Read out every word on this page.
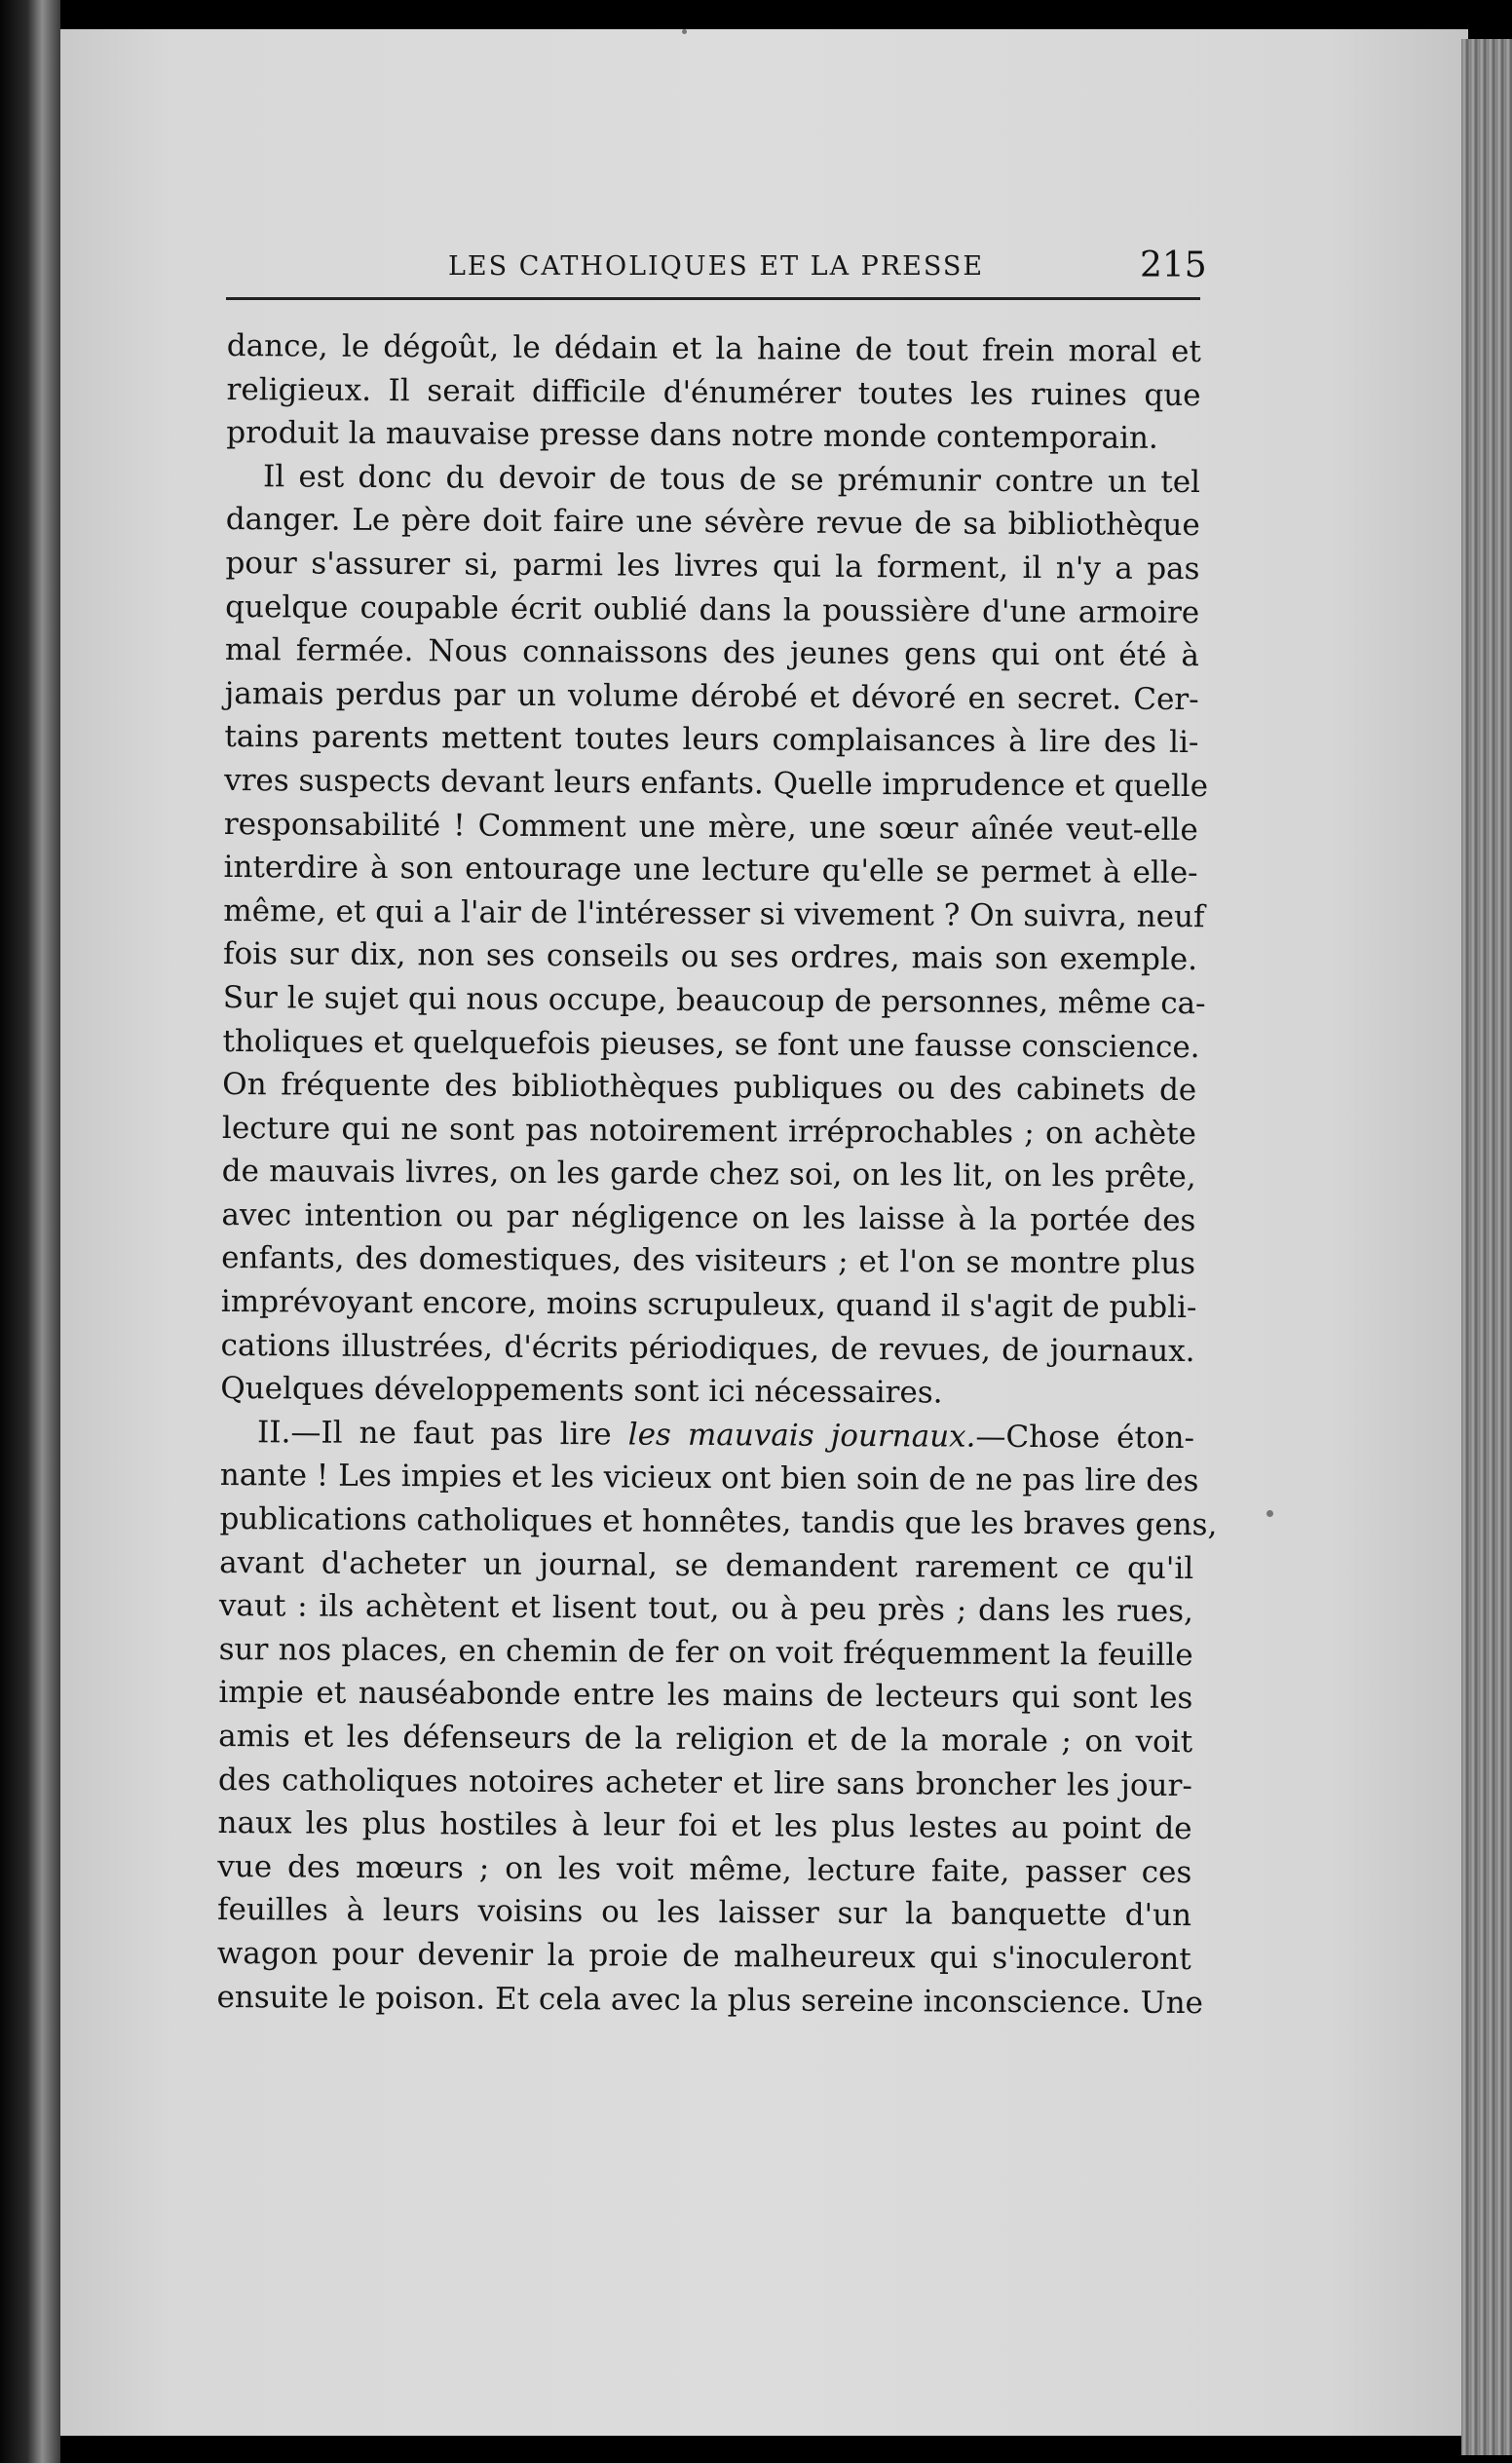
LES CATHOLIQUES ET LA PRESSE	215
dance, le dégoût, le dédain et la haine de tout frein moral et
religieux. Il serait difficile d'énumérer toutes les ruines que
produit la mauvaise presse dans notre monde contemporain.
Il est donc du devoir de tous de se prémunir contre un tel
danger. Le père doit faire une sévère revue de sa bibliothèque
pour s'assurer si, parmi les livres qui la forment, il n'y a pas
quelque coupable écrit oublié dans la poussière d'une armoire
mal fermée. Nous connaissons des jeunes gens qui ont été à
jamais perdus par un volume dérobé et dévoré en secret. Cer-
tains parents mettent toutes leurs complaisances à lire des li-
vres suspects devant leurs enfants. Quelle imprudence et quelle
responsabilité ! Comment une mère, une sœur aînée veut-elle
interdire à son entourage une lecture qu'elle se permet à elle-
même, et qui a l'air de l'intéresser si vivement ? On suivra, neuf
fois sur dix, non ses conseils ou ses ordres, mais son exemple.
Sur le sujet qui nous occupe, beaucoup de personnes, même ca-
tholiques et quelquefois pieuses, se font une fausse conscience.
On fréquente des bibliothèques publiques ou des cabinets de
lecture qui ne sont pas notoirement irréprochables ; on achète
de mauvais livres, on les garde chez soi, on les lit, on les prête,
avec intention ou par négligence on les laisse à la portée des
enfants, des domestiques, des visiteurs ; et l'on se montre plus
imprévoyant encore, moins scrupuleux, quand il s'agit de publi-
cations illustrées, d'écrits périodiques, de revues, de journaux.
Quelques développements sont ici nécessaires.
II.—Il ne faut pas lire les mauvais journaux.—Chose éton-
nante ! Les impies et les vicieux ont bien soin de ne pas lire des
publications catholiques et honnêtes, tandis que les braves gens,
avant d'acheter un journal, se demandent rarement ce qu'il
vaut : ils achètent et lisent tout, ou à peu près ; dans les rues,
sur nos places, en chemin de fer on voit fréquemment la feuille
impie et nauséabonde entre les mains de lecteurs qui sont les
amis et les défenseurs de la religion et de la morale ; on voit
des catholiques notoires acheter et lire sans broncher les jour-
naux les plus hostiles à leur foi et les plus lestes au point de
vue des mœurs ; on les voit même, lecture faite, passer ces
feuilles à leurs voisins ou les laisser sur la banquette d'un
wagon pour devenir la proie de malheureux qui s'inoculeront
ensuite le poison. Et cela avec la plus sereine inconscience. Une
